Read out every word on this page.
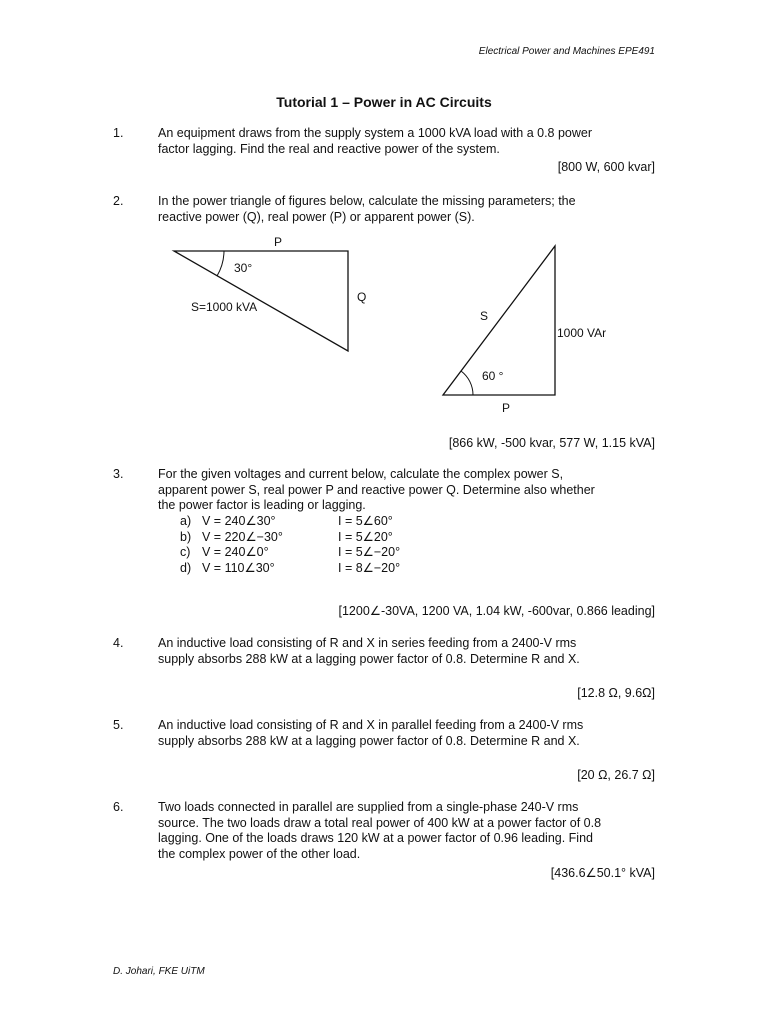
Electrical Power and Machines EPE491
Tutorial 1 – Power in AC Circuits
1.	An equipment draws from the supply system a 1000 kVA load with a 0.8 power
factor lagging. Find the real and reactive power of the system.
[800 W, 600 kvar]
2.	In the power triangle of figures below, calculate the missing parameters; the
reactive power (Q), real power (P) or apparent power (S).
P
30°
S=1000 kVA
Q
S
1000 VAr
60 °
P
[866 kW, -500 kvar, 577 W, 1.15 kVA]
3.	For the given voltages and current below, calculate the complex power S,
apparent power S, real power P and reactive power Q. Determine also whether
the power factor is leading or lagging.
a) V = 240∠30°	I = 5∠60°
b) V = 220∠−30°	I = 5∠20°
c) V = 240∠0°	I = 5∠−20°
d) V = 110∠30°	I = 8∠−20°
[1200∠-30VA, 1200 VA, 1.04 kW, -600var, 0.866 leading]
4.	An inductive load consisting of R and X in series feeding from a 2400-V rms
supply absorbs 288 kW at a lagging power factor of 0.8. Determine R and X.
[12.8 Ω, 9.6Ω]
5.	An inductive load consisting of R and X in parallel feeding from a 2400-V rms
supply absorbs 288 kW at a lagging power factor of 0.8. Determine R and X.
[20 Ω, 26.7 Ω]
6.	Two loads connected in parallel are supplied from a single-phase 240-V rms
source. The two loads draw a total real power of 400 kW at a power factor of 0.8
lagging. One of the loads draws 120 kW at a power factor of 0.96 leading. Find
the complex power of the other load.
[436.6∠50.1° kVA]
D. Johari, FKE UiTM
